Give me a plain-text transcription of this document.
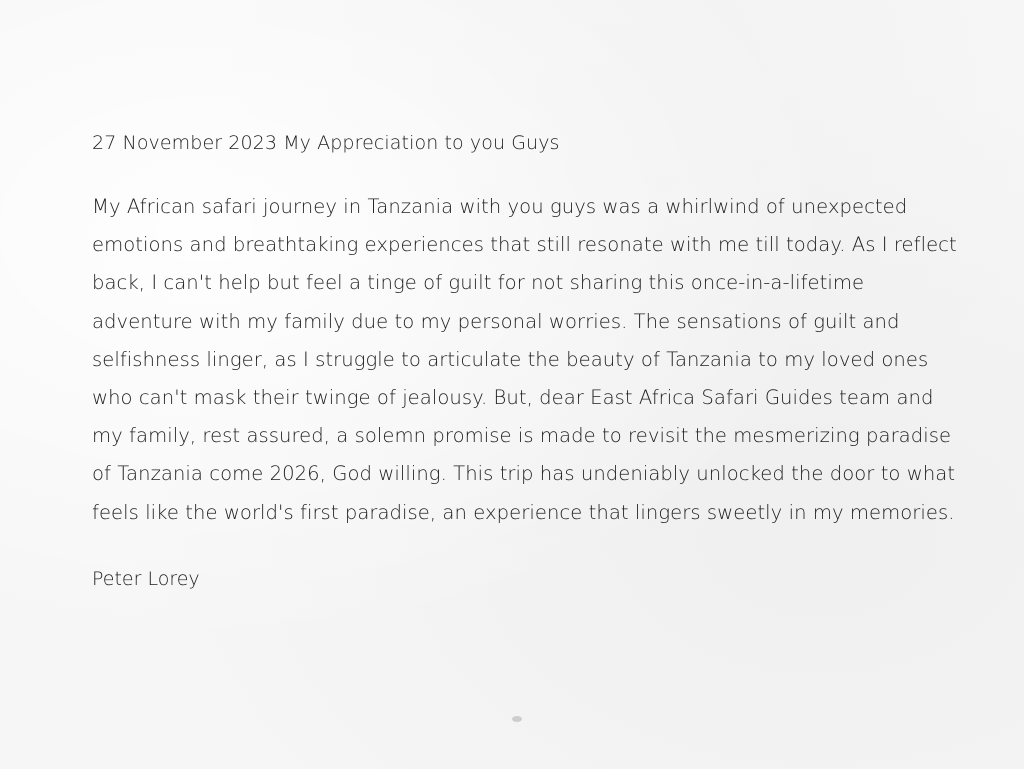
27 November 2023 My Appreciation to you Guys

My African safari journey in Tanzania with you guys was a whirlwind of unexpected emotions and breathtaking experiences that still resonate with me till today. As I reflect back, I can't help but feel a tinge of guilt for not sharing this once-in-a-lifetime adventure with my family due to my personal worries. The sensations of guilt and selfishness linger, as I struggle to articulate the beauty of Tanzania to my loved ones who can't mask their twinge of jealousy. But, dear East Africa Safari Guides team and my family, rest assured, a solemn promise is made to revisit the mesmerizing paradise of Tanzania come 2026, God willing. This trip has undeniably unlocked the door to what feels like the world's first paradise, an experience that lingers sweetly in my memories.

Peter Lorey
